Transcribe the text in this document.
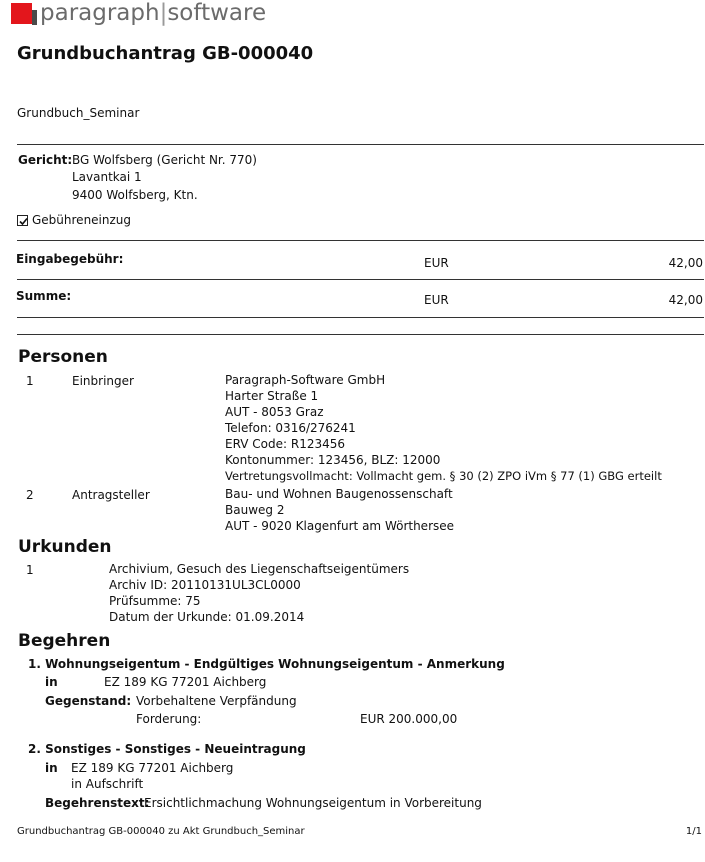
paragraph|software
Grundbuchantrag GB-000040
Grundbuch_Seminar
Gericht: BG Wolfsberg (Gericht Nr. 770)
Lavantkai 1
9400 Wolfsberg, Ktn.
Gebühreneinzug
Eingabegebühr:	EUR	42,00
Summe:	EUR	42,00
Personen
1	Einbringer	Paragraph-Software GmbH
Harter Straße 1
AUT - 8053 Graz
Telefon: 0316/276241
ERV Code: R123456
Kontonummer: 123456, BLZ: 12000
Vertretungsvollmacht: Vollmacht gem. § 30 (2) ZPO iVm § 77 (1) GBG erteilt
2	Antragsteller	Bau- und Wohnen Baugenossenschaft
Bauweg 2
AUT - 9020 Klagenfurt am Wörthersee
Urkunden
1	Archivium, Gesuch des Liegenschaftseigentümers
Archiv ID: 20110131UL3CL0000
Prüfsumme: 75
Datum der Urkunde: 01.09.2014
Begehren
1. Wohnungseigentum - Endgültiges Wohnungseigentum - Anmerkung
in	EZ 189 KG 77201 Aichberg
Gegenstand: Vorbehaltene Verpfändung
Forderung:	EUR 200.000,00
2. Sonstiges - Sonstiges - Neueintragung
in EZ 189 KG 77201 Aichberg
in Aufschrift
Begehrenstext:
Ersichtlichmachung Wohnungseigentum in Vorbereitung
Grundbuchantrag GB-000040 zu Akt Grundbuch_Seminar	1/1
